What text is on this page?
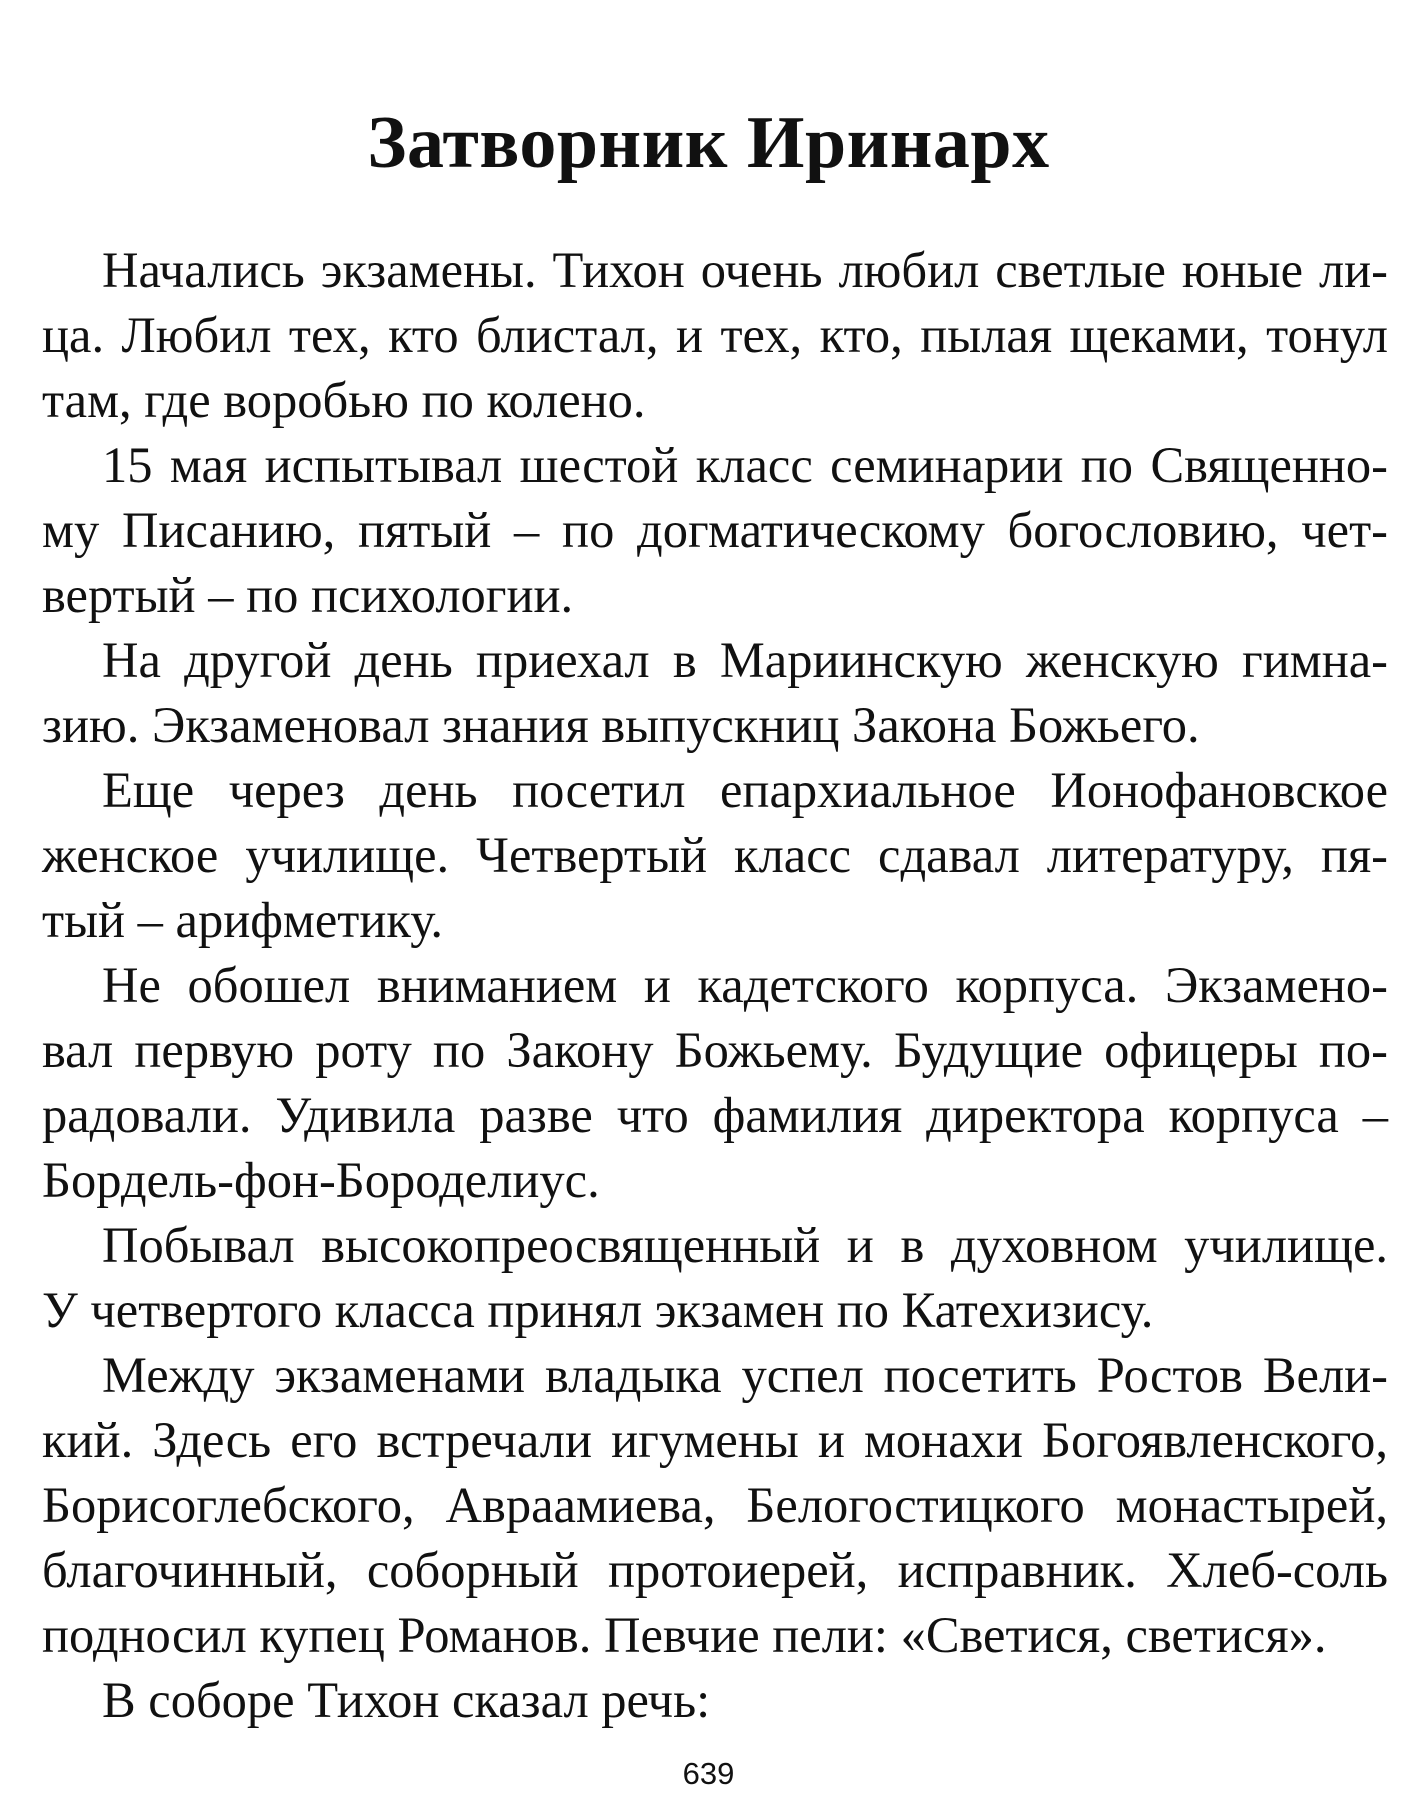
Затворник Иринарх
Начались экзамены. Тихон очень любил светлые юные ли-
ца. Любил тех, кто блистал, и тех, кто, пылая щеками, тонул
там, где воробью по колено.
15 мая испытывал шестой класс семинарии по Священно-
му Писанию, пятый – по догматическому богословию, чет-
вертый – по психологии.
На другой день приехал в Мариинскую женскую гимна-
зию. Экзаменовал знания выпускниц Закона Божьего.
Еще через день посетил епархиальное Ионофановское
женское училище. Четвертый класс сдавал литературу, пя-
тый – арифметику.
Не обошел вниманием и кадетского корпуса. Экзамено-
вал первую роту по Закону Божьему. Будущие офицеры по-
радовали. Удивила разве что фамилия директора корпуса –
Бордель-фон-Бороделиус.
Побывал высокопреосвященный и в духовном училище.
У четвертого класса принял экзамен по Катехизису.
Между экзаменами владыка успел посетить Ростов Вели-
кий. Здесь его встречали игумены и монахи Богоявленского,
Борисоглебского, Авраамиева, Белогостицкого монастырей,
благочинный, соборный протоиерей, исправник. Хлеб-соль
подносил купец Романов. Певчие пели: «Светися, светися».
В соборе Тихон сказал речь:
639
